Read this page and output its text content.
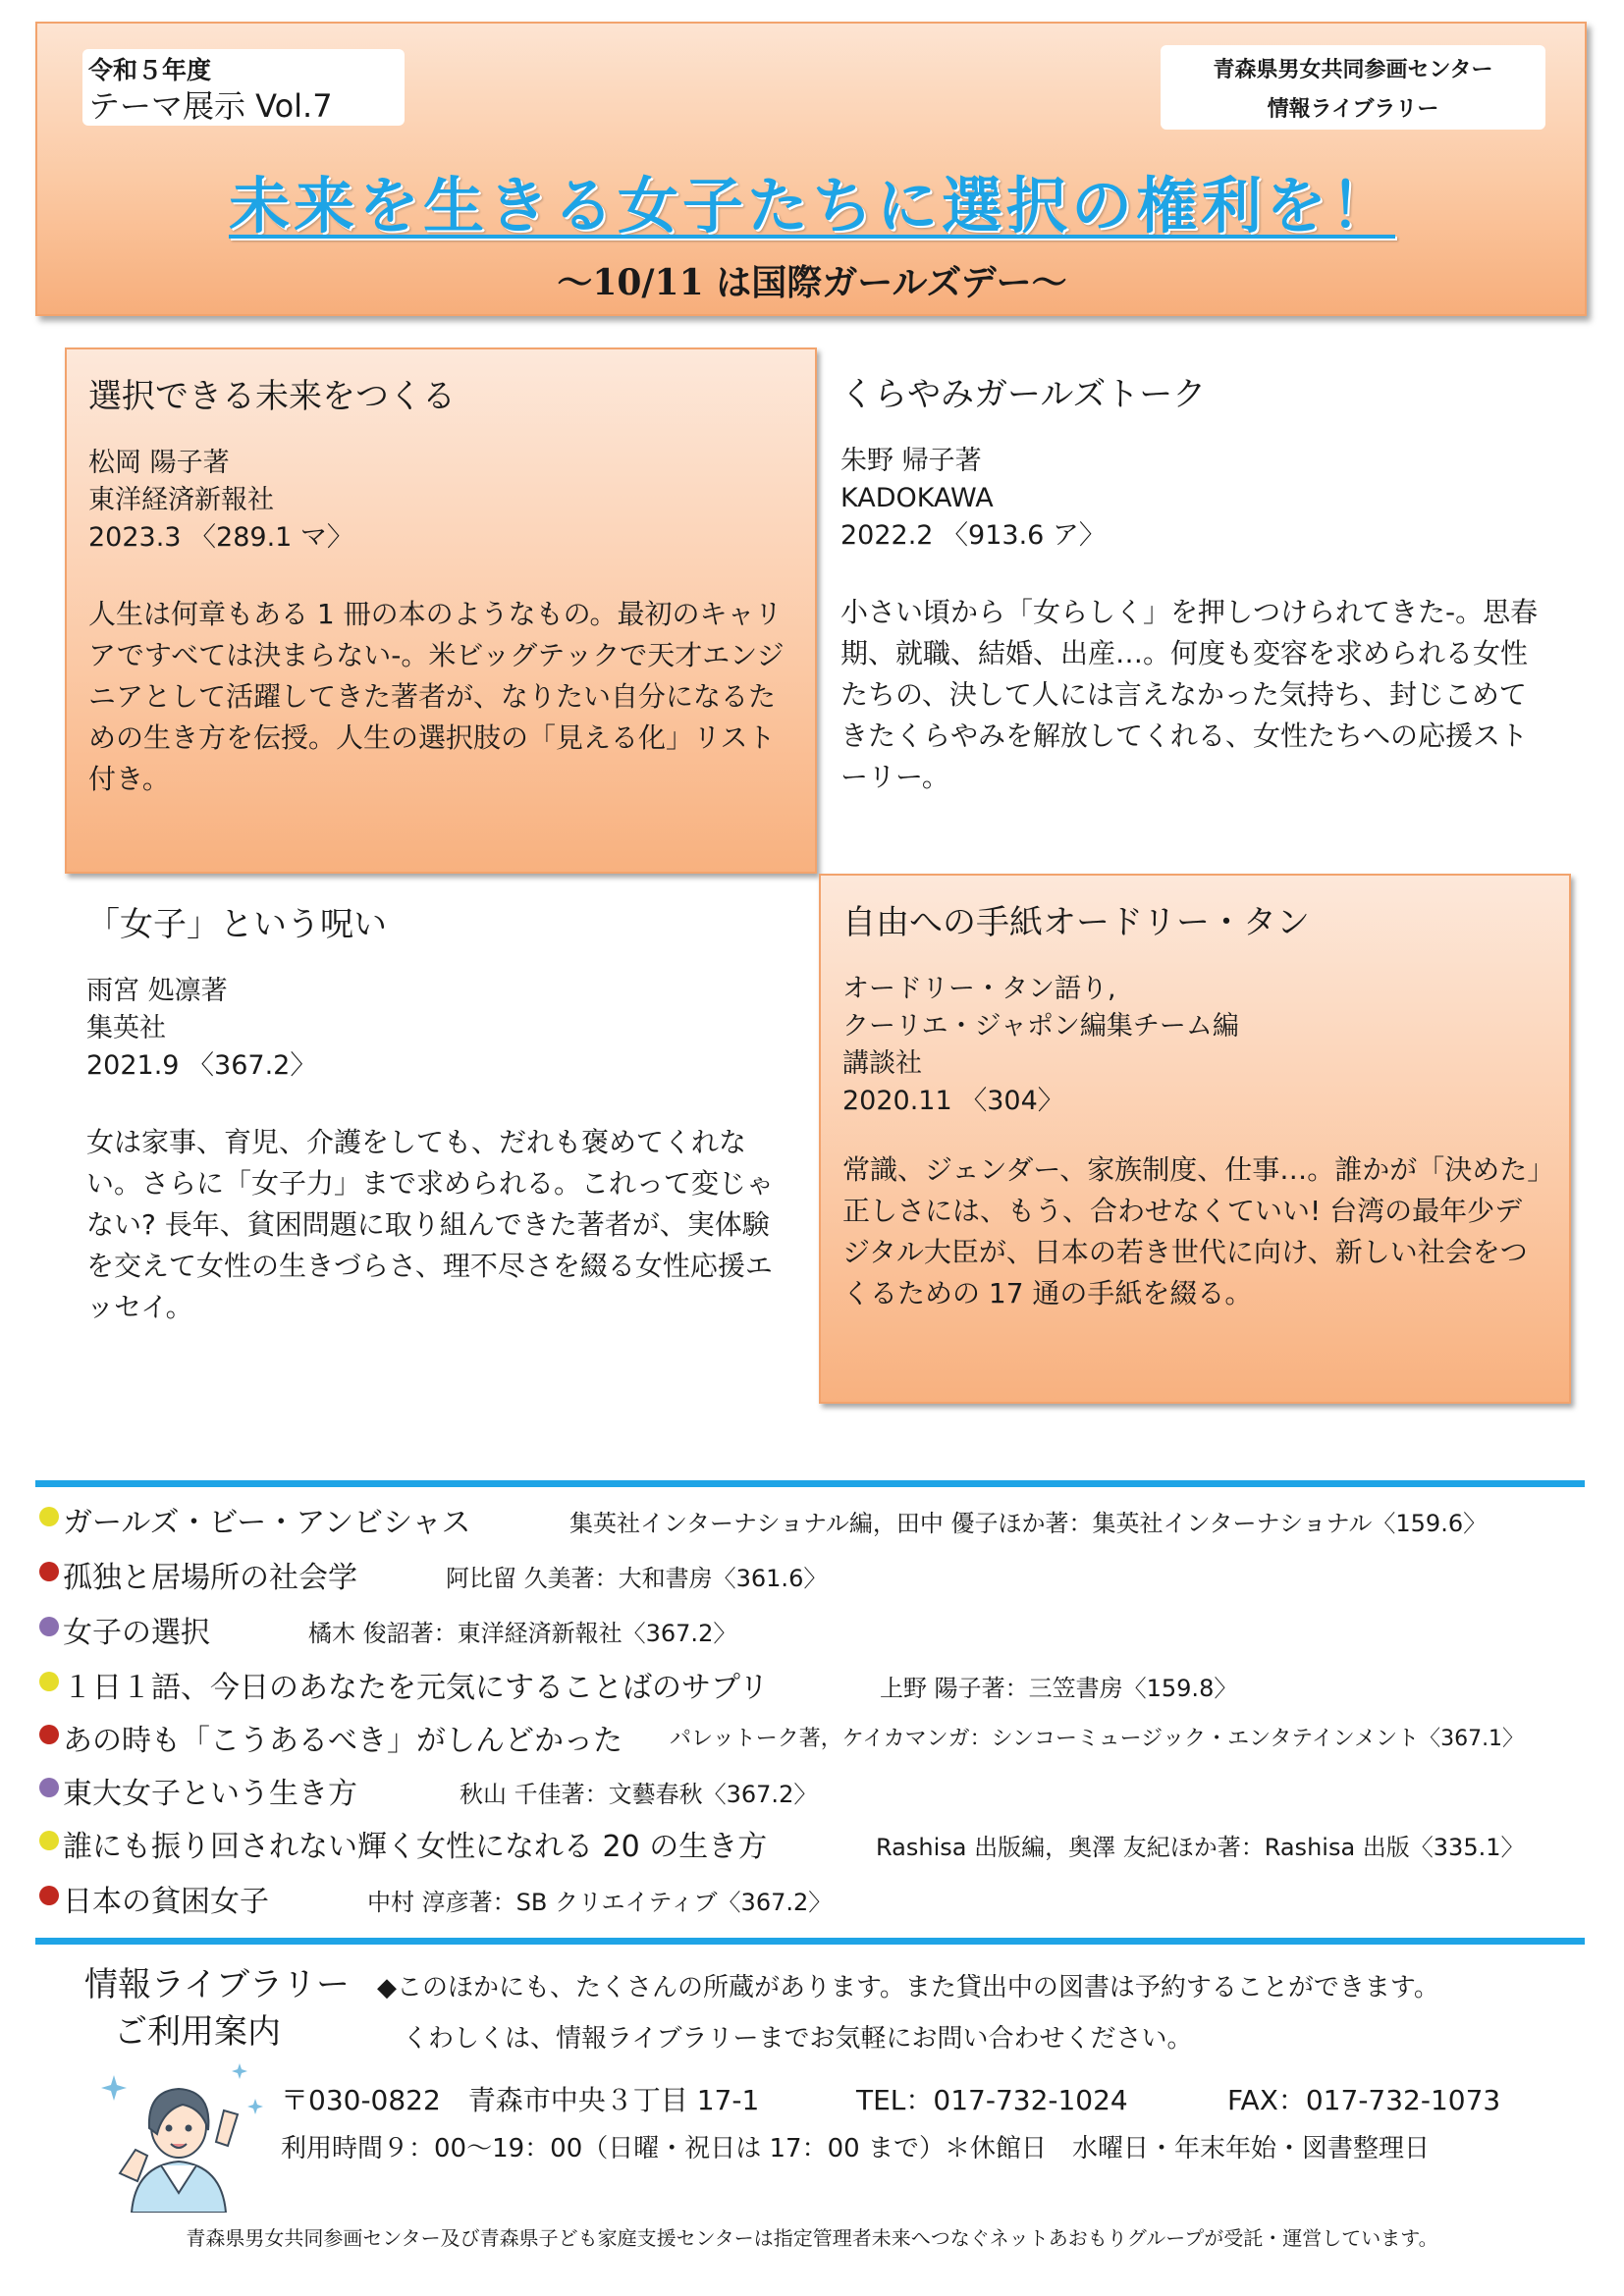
令和５年度
テーマ展示 Vol.7
青森県男女共同参画センター
情報ライブラリー
未来を生きる女子たちに選択の権利を！
〜10/11 は国際ガールズデー〜
選択できる未来をつくる
松岡 陽子著
東洋経済新報社
2023.3 〈289.1 マ〉
人生は何章もある 1 冊の本のようなもの。最初のキャリアですべては決まらない-。米ビッグテックで天才エンジニアとして活躍してきた著者が、なりたい自分になるための生き方を伝授。人生の選択肢の「見える化」リスト付き。
くらやみガールズトーク
朱野 帰子著
KADOKAWA
2022.2 〈913.6 ア〉
小さい頃から「女らしく」を押しつけられてきた-。思春期、就職、結婚、出産…。何度も変容を求められる女性たちの、決して人には言えなかった気持ち、封じこめてきたくらやみを解放してくれる、女性たちへの応援ストーリー。
「女子」という呪い
雨宮 処凛著
集英社
2021.9 〈367.2〉
女は家事、育児、介護をしても、だれも褒めてくれない。さらに「女子力」まで求められる。これって変じゃない? 長年、貧困問題に取り組んできた著者が、実体験を交えて女性の生きづらさ、理不尽さを綴る女性応援エッセイ。
自由への手紙オードリー・タン
オードリー・タン語り,
クーリエ・ジャポン編集チーム編
講談社
2020.11 〈304〉
常識、ジェンダー、家族制度、仕事…。誰かが「決めた」正しさには、もう、合わせなくていい! 台湾の最年少デジタル大臣が、日本の若き世代に向け、新しい社会をつくるための 17 通の手紙を綴る。
ガールズ・ビー・アンビシャス	集英社インターナショナル編，田中 優子ほか著：集英社インターナショナル〈159.6〉
孤独と居場所の社会学	阿比留 久美著：大和書房〈361.6〉
女子の選択	橘木 俊詔著：東洋経済新報社〈367.2〉
１日１語、今日のあなたを元気にすることばのサプリ	上野 陽子著：三笠書房〈159.8〉
あの時も「こうあるべき」がしんどかった パレットーク著，ケイカマンガ：シンコーミュージック・エンタテインメント〈367.1〉
東大女子という生き方	秋山 千佳著：文藝春秋〈367.2〉
誰にも振り回されない輝く女性になれる 20 の生き方	Rashisa 出版編，奥澤 友紀ほか著：Rashisa 出版〈335.1〉
日本の貧困女子	中村 淳彦著：SB クリエイティブ〈367.2〉
情報ライブラリー
ご利用案内
◆このほかにも、たくさんの所蔵があります。また貸出中の図書は予約することができます。
くわしくは、情報ライブラリーまでお気軽にお問い合わせください。
〒030-0822　青森市中央３丁目 17-1	TEL：017-732-1024	FAX：017-732-1073
利用時間９：00〜19：00（日曜・祝日は 17：00 まで）＊休館日　水曜日・年末年始・図書整理日
青森県男女共同参画センター及び青森県子ども家庭支援センターは指定管理者未来へつなぐネットあおもりグループが受託・運営しています。
